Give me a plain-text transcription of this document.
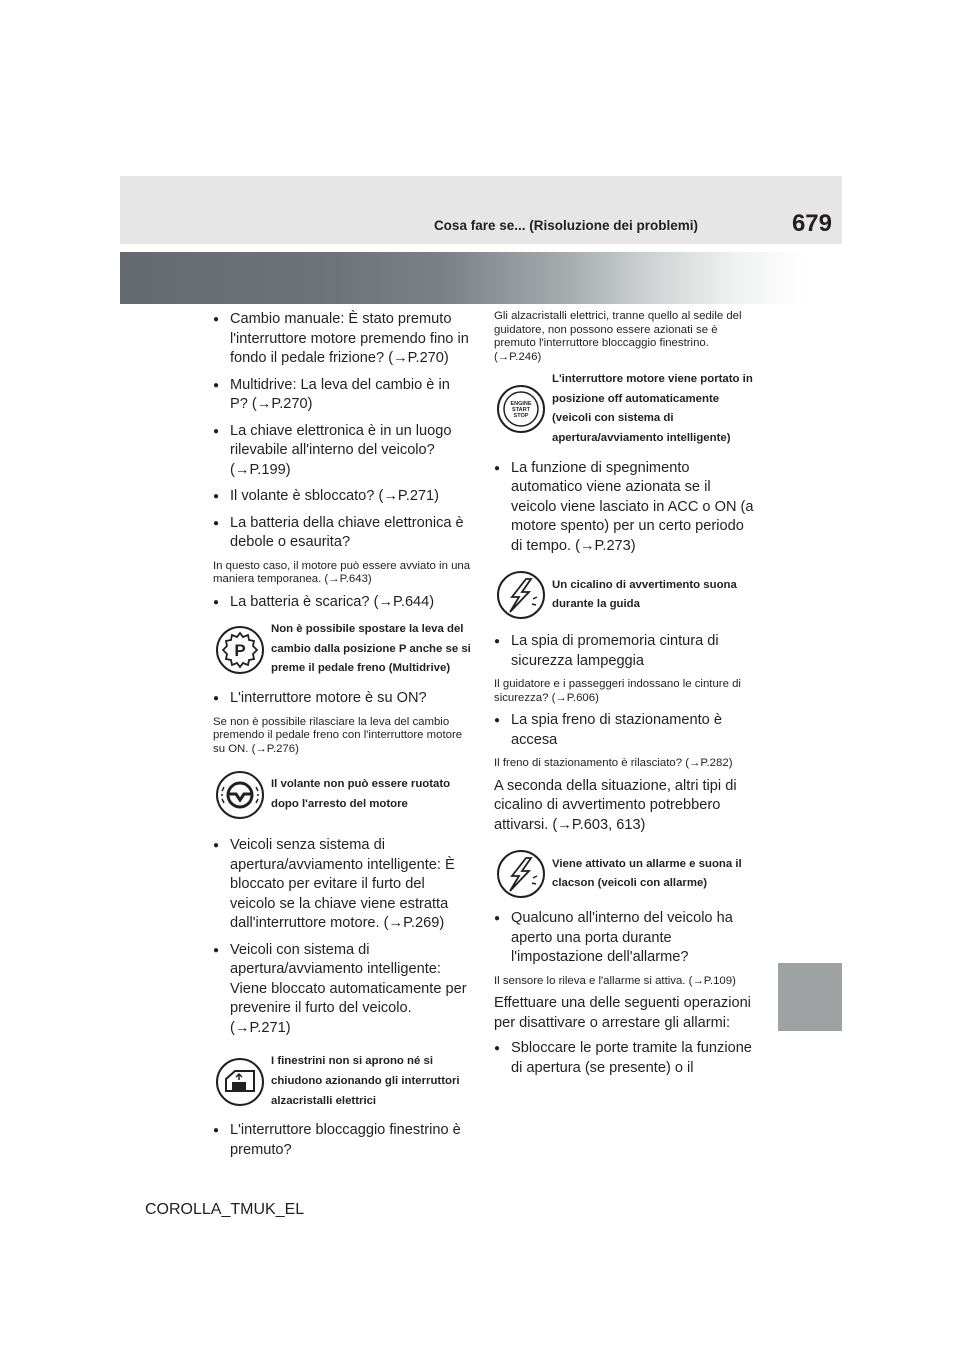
Cosa fare se... (Risoluzione dei problemi)	679
● Cambio manuale: È stato premuto l'interruttore motore premendo fino in fondo il pedale frizione? (→P.270)
● Multidrive: La leva del cambio è in P? (→P.270)
● La chiave elettronica è in un luogo rilevabile all'interno del veicolo? (→P.199)
● Il volante è sbloccato? (→P.271)
● La batteria della chiave elettronica è debole o esaurita?
In questo caso, il motore può essere avviato in una maniera temporanea. (→P.643)
● La batteria è scarica? (→P.644)
P
Non è possibile spostare la leva del cambio dalla posizione P anche se si preme il pedale freno (Multidrive)
● L'interruttore motore è su ON?
Se non è possibile rilasciare la leva del cambio premendo il pedale freno con l'interruttore motore su ON. (→P.276)
Il volante non può essere ruotato dopo l'arresto del motore
● Veicoli senza sistema di apertura/avviamento intelligente: È bloccato per evitare il furto del veicolo se la chiave viene estratta dall'interruttore motore. (→P.269)
● Veicoli con sistema di apertura/avviamento intelligente: Viene bloccato automaticamente per prevenire il furto del veicolo. (→P.271)
I finestrini non si aprono né si chiudono azionando gli interruttori alzacristalli elettrici
● L'interruttore bloccaggio finestrino è premuto?
Gli alzacristalli elettrici, tranne quello al sedile del guidatore, non possono essere azionati se è premuto l'interruttore bloccaggio finestrino. (→P.246)
ENGINE
START
STOP
L'interruttore motore viene portato in posizione off automaticamente (veicoli con sistema di apertura/avviamento intelligente)
● La funzione di spegnimento automatico viene azionata se il veicolo viene lasciato in ACC o ON (a motore spento) per un certo periodo di tempo. (→P.273)
Un cicalino di avvertimento suona durante la guida
● La spia di promemoria cintura di sicurezza lampeggia
Il guidatore e i passeggeri indossano le cinture di sicurezza? (→P.606)
● La spia freno di stazionamento è accesa
Il freno di stazionamento è rilasciato? (→P.282)
A seconda della situazione, altri tipi di cicalino di avvertimento potrebbero attivarsi. (→P.603, 613)
Viene attivato un allarme e suona il clacson (veicoli con allarme)
● Qualcuno all'interno del veicolo ha aperto una porta durante l'impostazione dell'allarme?
Il sensore lo rileva e l'allarme si attiva. (→P.109)
Effettuare una delle seguenti operazioni per disattivare o arrestare gli allarmi:
● Sbloccare le porte tramite la funzione di apertura (se presente) o il
COROLLA_TMUK_EL
